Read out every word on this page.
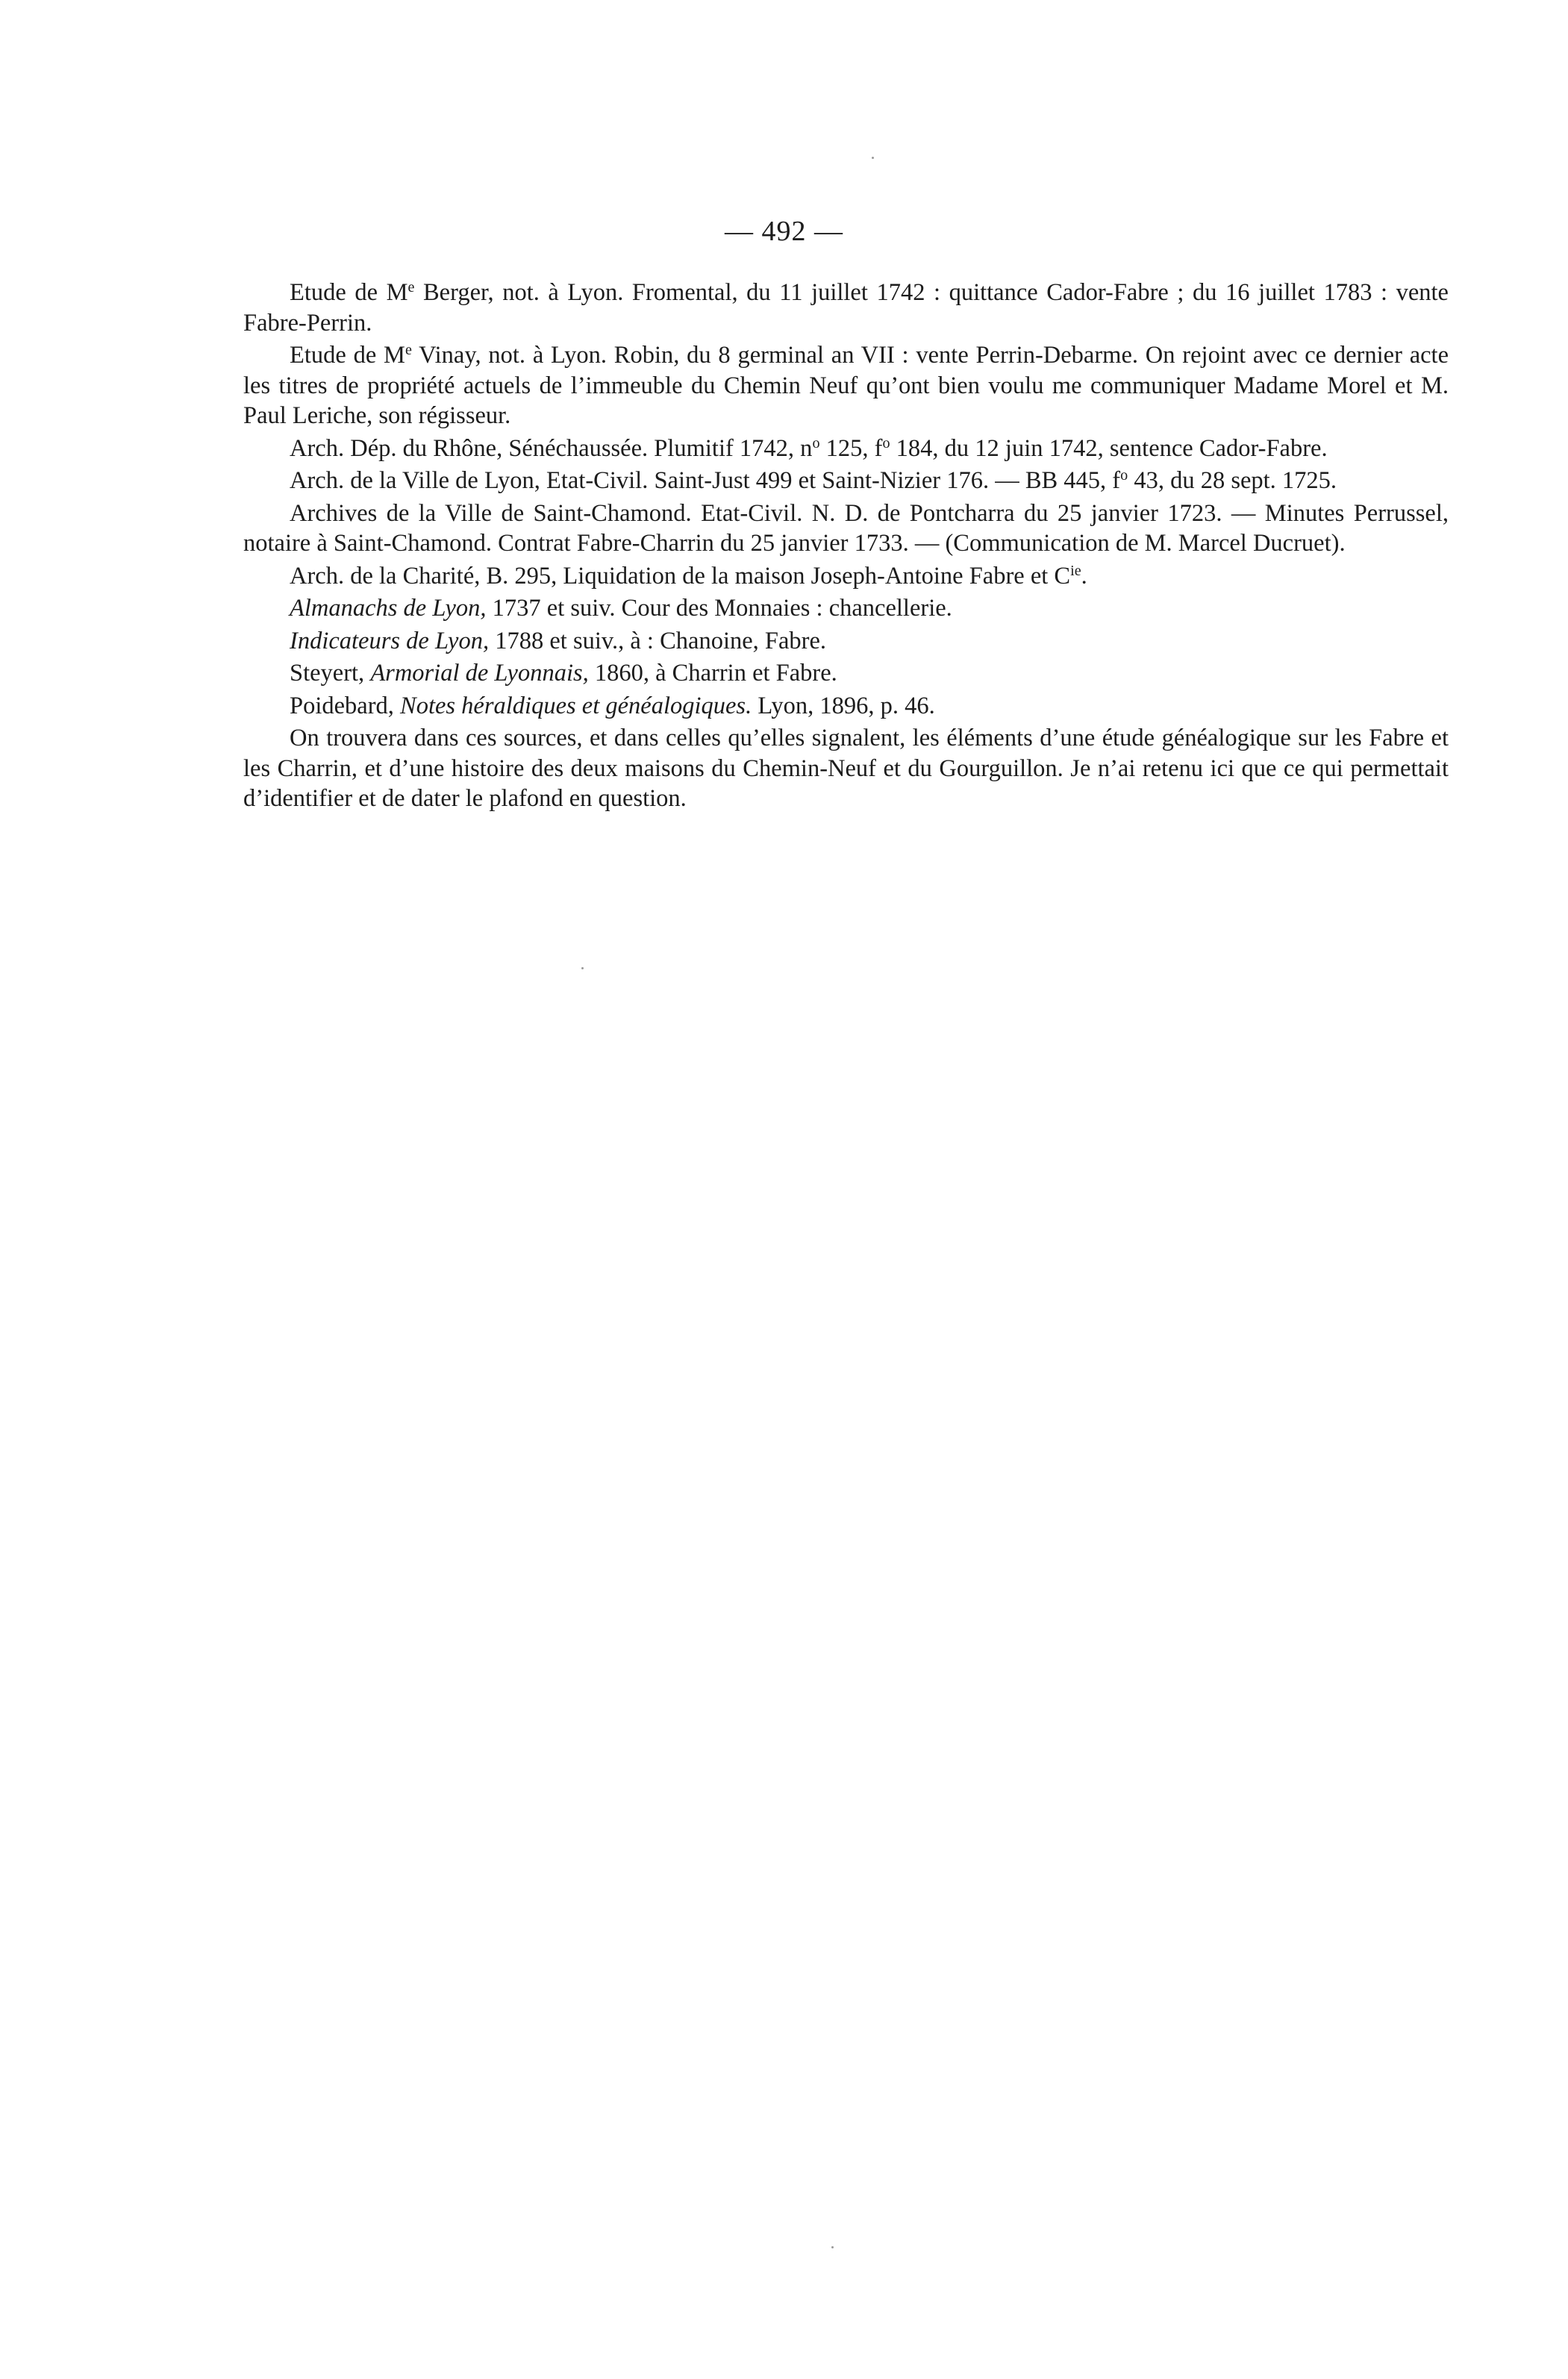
— 492 —

Etude de Me Berger, not. à Lyon. Fromental, du 11 juillet 1742 : quittance Cador-Fabre ; du 16 juillet 1783 : vente Fabre-Perrin.

Etude de Me Vinay, not. à Lyon. Robin, du 8 germinal an VII : vente Perrin-Debarme. On rejoint avec ce dernier acte les titres de propriété actuels de l’immeuble du Chemin Neuf qu’ont bien voulu me communiquer Madame Morel et M. Paul Leriche, son régisseur.

Arch. Dép. du Rhône, Sénéchaussée. Plumitif 1742, $n^o$ 125, $f^o$ 184, du 12 juin 1742, sentence Cador-Fabre.

Arch. de la Ville de Lyon, Etat-Civil. Saint-Just 499 et Saint-Nizier 176. — BB 445, $f^o$ 43, du 28 sept. 1725.

Archives de la Ville de Saint-Chamond. Etat-Civil. N. D. de Pontcharra du 25 janvier 1723. — Minutes Perrussel, notaire à Saint-Chamond. Contrat Fabre-Charrin du 25 janvier 1733. — (Communication de M. Marcel Ducruet).

Arch. de la Charité, B. 295, Liquidation de la maison Joseph-Antoine Fabre et $C^{ie}$.

Almanachs de Lyon, 1737 et suiv. Cour des Monnaies : chancellerie.

Indicateurs de Lyon, 1788 et suiv., à : Chanoine, Fabre.

Steyert, Armorial de Lyonnais, 1860, à Charrin et Fabre.

Poidebard, Notes héraldiques et généalogiques. Lyon, 1896, p. 46.

On trouvera dans ces sources, et dans celles qu’elles signalent, les éléments d’une étude généalogique sur les Fabre et les Charrin, et d’une histoire des deux maisons du Chemin-Neuf et du Gourguillon. Je n’ai retenu ici que ce qui permettait d’identifier et de dater le plafond en question.
